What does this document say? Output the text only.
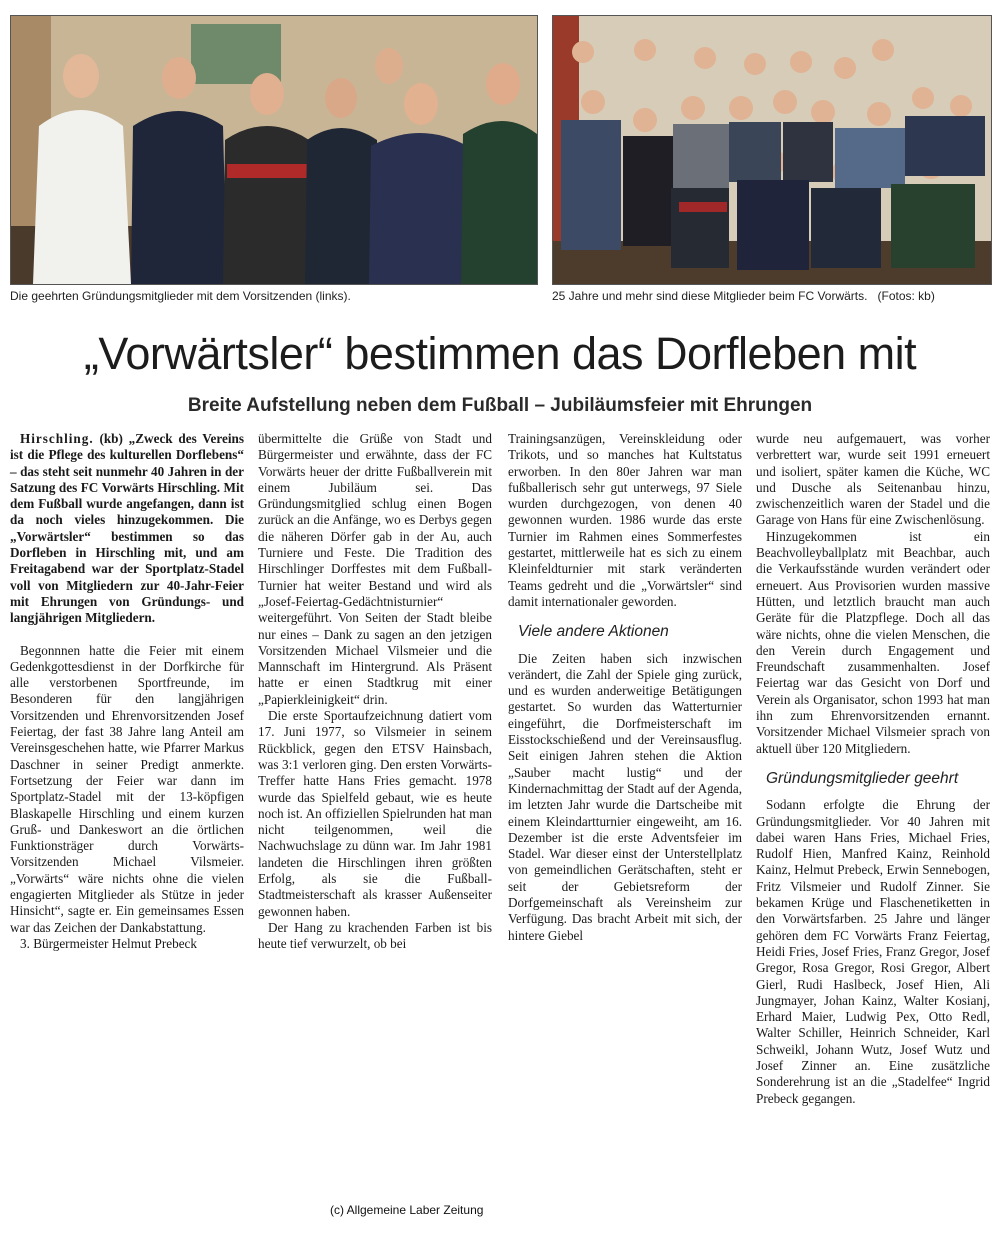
Die geehrten Gründungsmitglieder mit dem Vorsitzenden (links).	25 Jahre und mehr sind diese Mitglieder beim FC Vorwärts. (Fotos: kb)
„Vorwärtsler“ bestimmen das Dorfleben mit
Breite Aufstellung neben dem Fußball – Jubiläumsfeier mit Ehrungen

Hirschling. (kb) „Zweck des Vereins ist die Pflege des kulturellen Dorflebens“ – das steht seit nunmehr 40 Jahren in der Satzung des FC Vorwärts Hirschling. Mit dem Fußball wurde angefangen, dann ist da noch vieles hinzugekommen. Die „Vorwärtsler“ bestimmen so das Dorfleben in Hirschling mit, und am Freitagabend war der Sportplatz-Stadel voll von Mitgliedern zur 40-Jahr-Feier mit Ehrungen von Gründungs- und langjährigen Mitgliedern.

Begonnnen hatte die Feier mit einem Gedenkgottesdienst in der Dorfkirche für alle verstorbenen Sportfreunde, im Besonderen für den langjährigen Vorsitzenden und Ehrenvorsitzenden Josef Feiertag, der fast 38 Jahre lang Anteil am Vereinsgeschehen hatte, wie Pfarrer Markus Daschner in seiner Predigt anmerkte. Fortsetzung der Feier war dann im Sportplatz-Stadel mit der 13-köpfigen Blaskapelle Hirschling und einem kurzen Gruß- und Dankeswort an die örtlichen Funktionsträger durch Vorwärts-Vorsitzenden Michael Vilsmeier. „Vorwärts“ wäre nichts ohne die vielen engagierten Mitglieder als Stütze in jeder Hinsicht“, sagte er. Ein gemeinsames Essen war das Zeichen der Dankabstattung.

3. Bürgermeister Helmut Prebeck

übermittelte die Grüße von Stadt und Bürgermeister und erwähnte, dass der FC Vorwärts heuer der dritte Fußballverein mit einem Jubiläum sei. Das Gründungsmitglied schlug einen Bogen zurück an die Anfänge, wo es Derbys gegen die näheren Dörfer gab in der Au, auch Turniere und Feste. Die Tradition des Hirschlinger Dorffestes mit dem Fußball-Turnier hat weiter Bestand und wird als „Josef-Feiertag-Gedächtnisturnier“ weitergeführt. Von Seiten der Stadt bleibe nur eines – Dank zu sagen an den jetzigen Vorsitzenden Michael Vilsmeier und die Mannschaft im Hintergrund. Als Präsent hatte er einen Stadtkrug mit einer „Papierkleinigkeit“ drin.

Die erste Sportaufzeichnung datiert vom 17. Juni 1977, so Vilsmeier in seinem Rückblick, gegen den ETSV Hainsbach, was 3:1 verloren ging. Den ersten Vorwärts-Treffer hatte Hans Fries gemacht. 1978 wurde das Spielfeld gebaut, wie es heute noch ist. An offiziellen Spielrunden hat man nicht teilgenommen, weil die Nachwuchslage zu dünn war. Im Jahr 1981 landeten die Hirschlingen ihren größten Erfolg, als sie die Fußball-Stadtmeisterschaft als krasser Außenseiter gewonnen haben.

Der Hang zu krachenden Farben ist bis heute tief verwurzelt, ob bei

Trainingsanzügen, Vereinskleidung oder Trikots, und so manches hat Kultstatus erworben. In den 80er Jahren war man fußballerisch sehr gut unterwegs, 97 Siele wurden durchgezogen, von denen 40 gewonnen wurden. 1986 wurde das erste Turnier im Rahmen eines Sommerfestes gestartet, mittlerweile hat es sich zu einem Kleinfeldturnier mit stark veränderten Teams gedreht und die „Vorwärtsler“ sind damit internationaler geworden.

Viele andere Aktionen

Die Zeiten haben sich inzwischen verändert, die Zahl der Spiele ging zurück, und es wurden anderweitige Betätigungen gestartet. So wurden das Watterturnier eingeführt, die Dorfmeisterschaft im Eisstockschießend und der Vereinsausflug. Seit einigen Jahren stehen die Aktion „Sauber macht lustig“ und der Kindernachmittag der Stadt auf der Agenda, im letzten Jahr wurde die Dartscheibe mit einem Kleindartturnier eingeweiht, am 16. Dezember ist die erste Adventsfeier im Stadel. War dieser einst der Unterstellplatz von gemeindlichen Gerätschaften, steht er seit der Gebietsreform der Dorfgemeinschaft als Vereinsheim zur Verfügung. Das bracht Arbeit mit sich, der hintere Giebel

wurde neu aufgemauert, was vorher verbrettert war, wurde seit 1991 erneuert und isoliert, später kamen die Küche, WC und Dusche als Seitenanbau hinzu, zwischenzeitlich waren der Stadel und die Garage von Hans für eine Zwischenlösung.

Hinzugekommen ist ein Beachvolleyballplatz mit Beachbar, auch die Verkaufsstände wurden verändert oder erneuert. Aus Provisorien wurden massive Hütten, und letztlich braucht man auch Geräte für die Platzpflege. Doch all das wäre nichts, ohne die vielen Menschen, die den Verein durch Engagement und Freundschaft zusammenhalten. Josef Feiertag war das Gesicht von Dorf und Verein als Organisator, schon 1993 hat man ihn zum Ehrenvorsitzenden ernannt. Vorsitzender Michael Vilsmeier sprach von aktuell über 120 Mitgliedern.

Gründungsmitglieder geehrt

Sodann erfolgte die Ehrung der Gründungsmitglieder. Vor 40 Jahren mit dabei waren Hans Fries, Michael Fries, Rudolf Hien, Manfred Kainz, Reinhold Kainz, Helmut Prebeck, Erwin Sennebogen, Fritz Vilsmeier und Rudolf Zinner. Sie bekamen Krüge und Flaschenetiketten in den Vorwärtsfarben. 25 Jahre und länger gehören dem FC Vorwärts Franz Feiertag, Heidi Fries, Josef Fries, Franz Gregor, Josef Gregor, Rosa Gregor, Rosi Gregor, Albert Gierl, Rudi Haslbeck, Josef Hien, Ali Jungmayer, Johan Kainz, Walter Kosianj, Erhard Maier, Ludwig Pex, Otto Redl, Walter Schiller, Heinrich Schneider, Karl Schweikl, Johann Wutz, Josef Wutz und Josef Zinner an. Eine zusätzliche Sonderehrung ist an die „Stadelfee“ Ingrid Prebeck gegangen.

(c) Allgemeine Laber Zeitung
